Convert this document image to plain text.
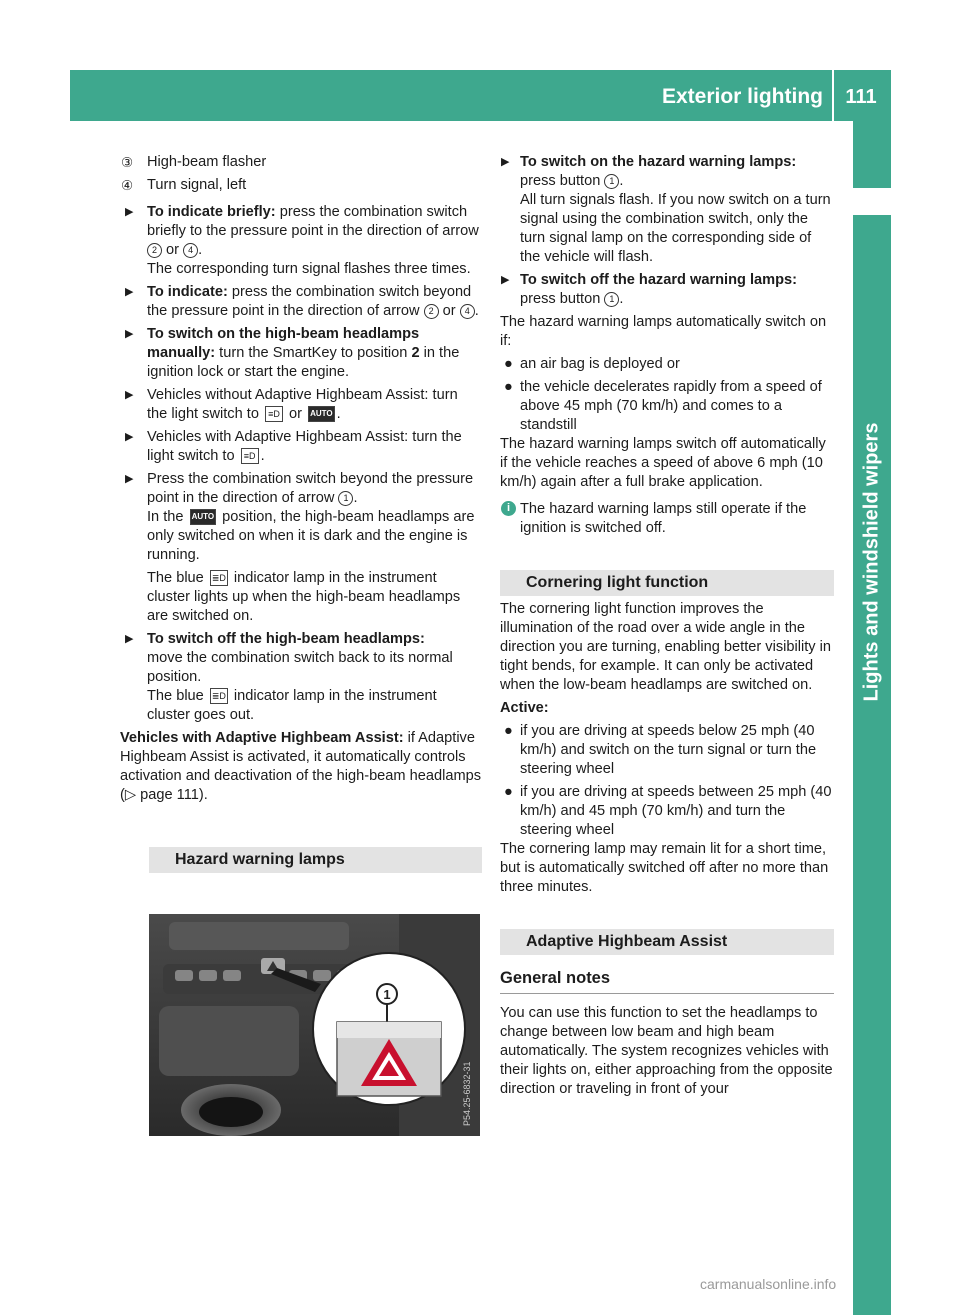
Exterior lighting	111
Lights and windshield wipers

③ High-beam flasher

④ Turn signal, left

▶ To indicate briefly: press the combination switch briefly to the pressure point in the direction of arrow 2 or 4 .
The corresponding turn signal flashes three times.

▶ To indicate: press the combination switch beyond the pressure point in the direction of arrow 2 or 4 .

▶ To switch on the high-beam headlamps manually: turn the SmartKey to position 2 in the ignition lock or start the engine.

▶ Vehicles without Adaptive Highbeam Assist: turn the light switch to ≡D or AUTO .

▶ Vehicles with Adaptive Highbeam Assist: turn the light switch to ≡D .

▶ Press the combination switch beyond the pressure point in the direction of arrow 1 .
In the AUTO position, the high-beam headlamps are only switched on when it is dark and the engine is running.

The blue ≣D indicator lamp in the instrument cluster lights up when the high-beam headlamps are switched on.

▶ To switch off the high-beam headlamps:
move the combination switch back to its normal position.
The blue ≣D indicator lamp in the instrument cluster goes out.

Vehicles with Adaptive Highbeam Assist: if Adaptive Highbeam Assist is activated, it automatically controls activation and deactivation of the high-beam headlamps (▷ page 111).

Hazard warning lamps
1
P54.25-6832-31

▶ To switch on the hazard warning lamps:
press button 1 .
All turn signals flash. If you now switch on a turn signal using the combination switch, only the turn signal lamp on the corresponding side of the vehicle will flash.

▶ To switch off the hazard warning lamps:
press button 1 .

The hazard warning lamps automatically switch on if:

● an air bag is deployed or

● the vehicle decelerates rapidly from a speed of above 45 mph (70 km/h) and comes to a standstill

The hazard warning lamps switch off automatically if the vehicle reaches a speed of above 6 mph (10 km/h) again after a full brake application.

i The hazard warning lamps still operate if the ignition is switched off.

Cornering light function

The cornering light function improves the illumination of the road over a wide angle in the direction you are turning, enabling better visibility in tight bends, for example. It can only be activated when the low-beam headlamps are switched on.

Active:

● if you are driving at speeds below 25 mph (40 km/h) and switch on the turn signal or turn the steering wheel

● if you are driving at speeds between 25 mph (40 km/h) and 45 mph (70 km/h) and turn the steering wheel

The cornering lamp may remain lit for a short time, but is automatically switched off after no more than three minutes.

Adaptive Highbeam Assist
General notes

You can use this function to set the headlamps to change between low beam and high beam automatically. The system recognizes vehicles with their lights on, either approaching from the opposite direction or traveling in front of your

carmanualsonline.info
